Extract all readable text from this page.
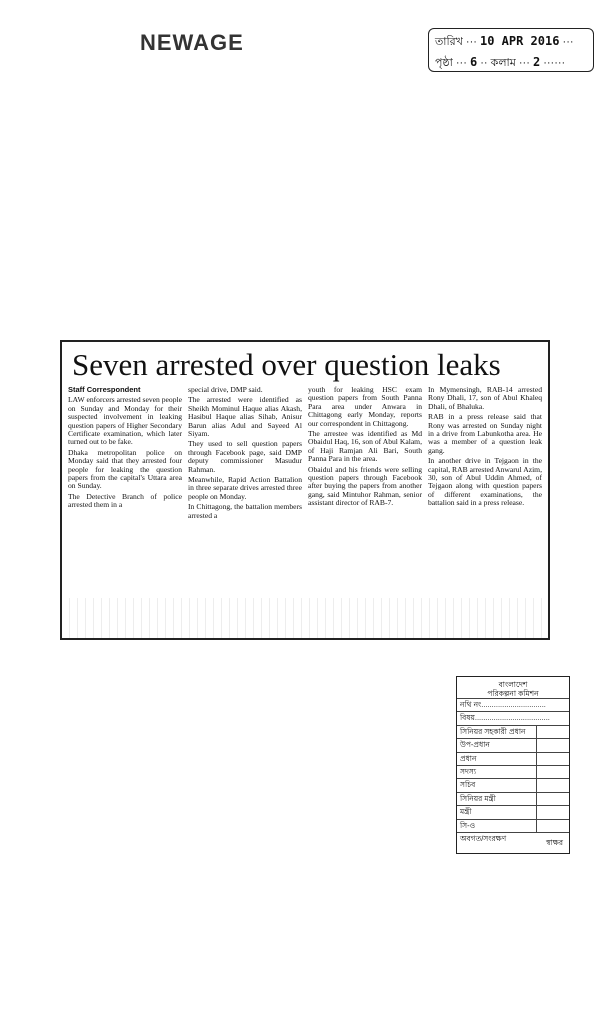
NEWAGE	তারিখ ··· 10 APR 2016 ···
পৃষ্ঠা ··· 6 ·· কলাম ··· 2 ······
Seven arrested over question leaks
Staff Correspondent

LAW enforcers arrested seven people on Sunday and Monday for their suspected involvement in leaking question papers of Higher Secondary Certificate examination, which later turned out to be fake.

Dhaka metropolitan police on Monday said that they arrested four people for leaking the question papers from the capital's Uttara area on Sunday.

The Detective Branch of police arrested them in a

special drive, DMP said.

The arrested were identified as Sheikh Mominul Haque alias Akash, Hasibul Haque alias Sihab, Anisur Barun alias Adul and Sayeed Al Siyam.

They used to sell question papers through Facebook page, said DMP deputy commissioner Masudur Rahman.

Meanwhile, Rapid Action Battalion in three separate drives arrested three people on Monday.

In Chittagong, the battalion members arrested a

youth for leaking HSC exam question papers from South Panna Para area under Anwara in Chittagong early Monday, reports our correspondent in Chittagong.

The arrestee was identified as Md Obaidul Haq, 16, son of Abul Kalam, of Haji Ramjan Ali Bari, South Panna Para in the area.

Obaidul and his friends were selling question papers through Facebook after buying the papers from another gang, said Mintuhor Rahman, senior assistant director of RAB-7.

In Mymensingh, RAB-14 arrested Rony Dhali, 17, son of Abul Khaleq Dhali, of Bhaluka.

RAB in a press release said that Rony was arrested on Sunday night in a drive from Labunkotha area. He was a member of a question leak gang.

In another drive in Tejgaon in the capital, RAB arrested Anwarul Azim, 30, son of Abul Uddin Ahmed, of Tejgaon along with question papers of different examinations, the battalion said in a press release.

বাংলাদেশ
পরিকল্পনা কমিশন
নথি নং...............................
বিষয়....................................
সিনিয়র সহকারী প্রধান
উপ-প্রধান
প্রধান
সদস্য
সচিব
সিনিয়র মন্ত্রী
মন্ত্রী
সি-ও
অবগত/সংরক্ষণ	স্বাক্ষর
